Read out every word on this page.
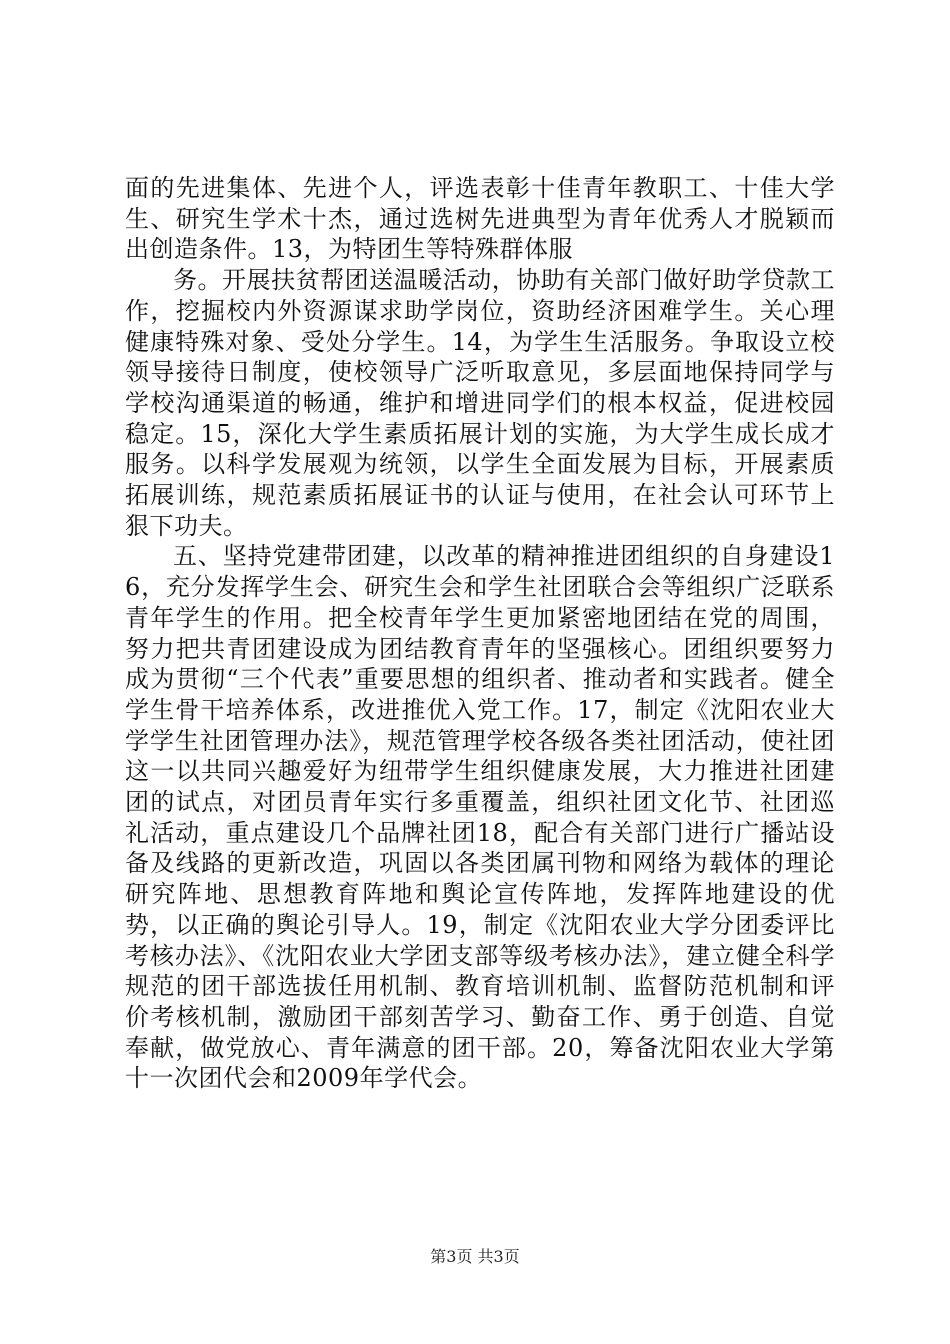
面的先进集体、先进个人，评选表彰十佳青年教职工、十佳大学生、研究生学术十杰，通过选树先进典型为青年优秀人才脱颖而出创造条件。13，为特团生等特殊群体服

务。开展扶贫帮团送温暖活动，协助有关部门做好助学贷款工作，挖掘校内外资源谋求助学岗位，资助经济困难学生。关心理健康特殊对象、受处分学生。14，为学生生活服务。争取设立校领导接待日制度，使校领导广泛听取意见，多层面地保持同学与学校沟通渠道的畅通，维护和增进同学们的根本权益，促进校园稳定。15，深化大学生素质拓展计划的实施，为大学生成长成才服务。以科学发展观为统领，以学生全面发展为目标，开展素质拓展训练，规范素质拓展证书的认证与使用，在社会认可环节上狠下功夫。

五、坚持党建带团建，以改革的精神推进团组织的自身建设16，充分发挥学生会、研究生会和学生社团联合会等组织广泛联系青年学生的作用。把全校青年学生更加紧密地团结在党的周围，努力把共青团建设成为团结教育青年的坚强核心。团组织要努力成为贯彻“三个代表”重要思想的组织者、推动者和实践者。健全学生骨干培养体系，改进推优入党工作。17，制定《沈阳农业大学学生社团管理办法》，规范管理学校各级各类社团活动，使社团这一以共同兴趣爱好为纽带学生组织健康发展，大力推进社团建团的试点，对团员青年实行多重覆盖，组织社团文化节、社团巡礼活动，重点建设几个品牌社团18，配合有关部门进行广播站设备及线路的更新改造，巩固以各类团属刊物和网络为载体的理论研究阵地、思想教育阵地和舆论宣传阵地，发挥阵地建设的优势，以正确的舆论引导人。19，制定《沈阳农业大学分团委评比考核办法》、《沈阳农业大学团支部等级考核办法》，建立健全科学规范的团干部选拔任用机制、教育培训机制、监督防范机制和评价考核机制，激励团干部刻苦学习、勤奋工作、勇于创造、自觉奉献，做党放心、青年满意的团干部。20，筹备沈阳农业大学第十一次团代会和2009年学代会。

第3页 共3页
